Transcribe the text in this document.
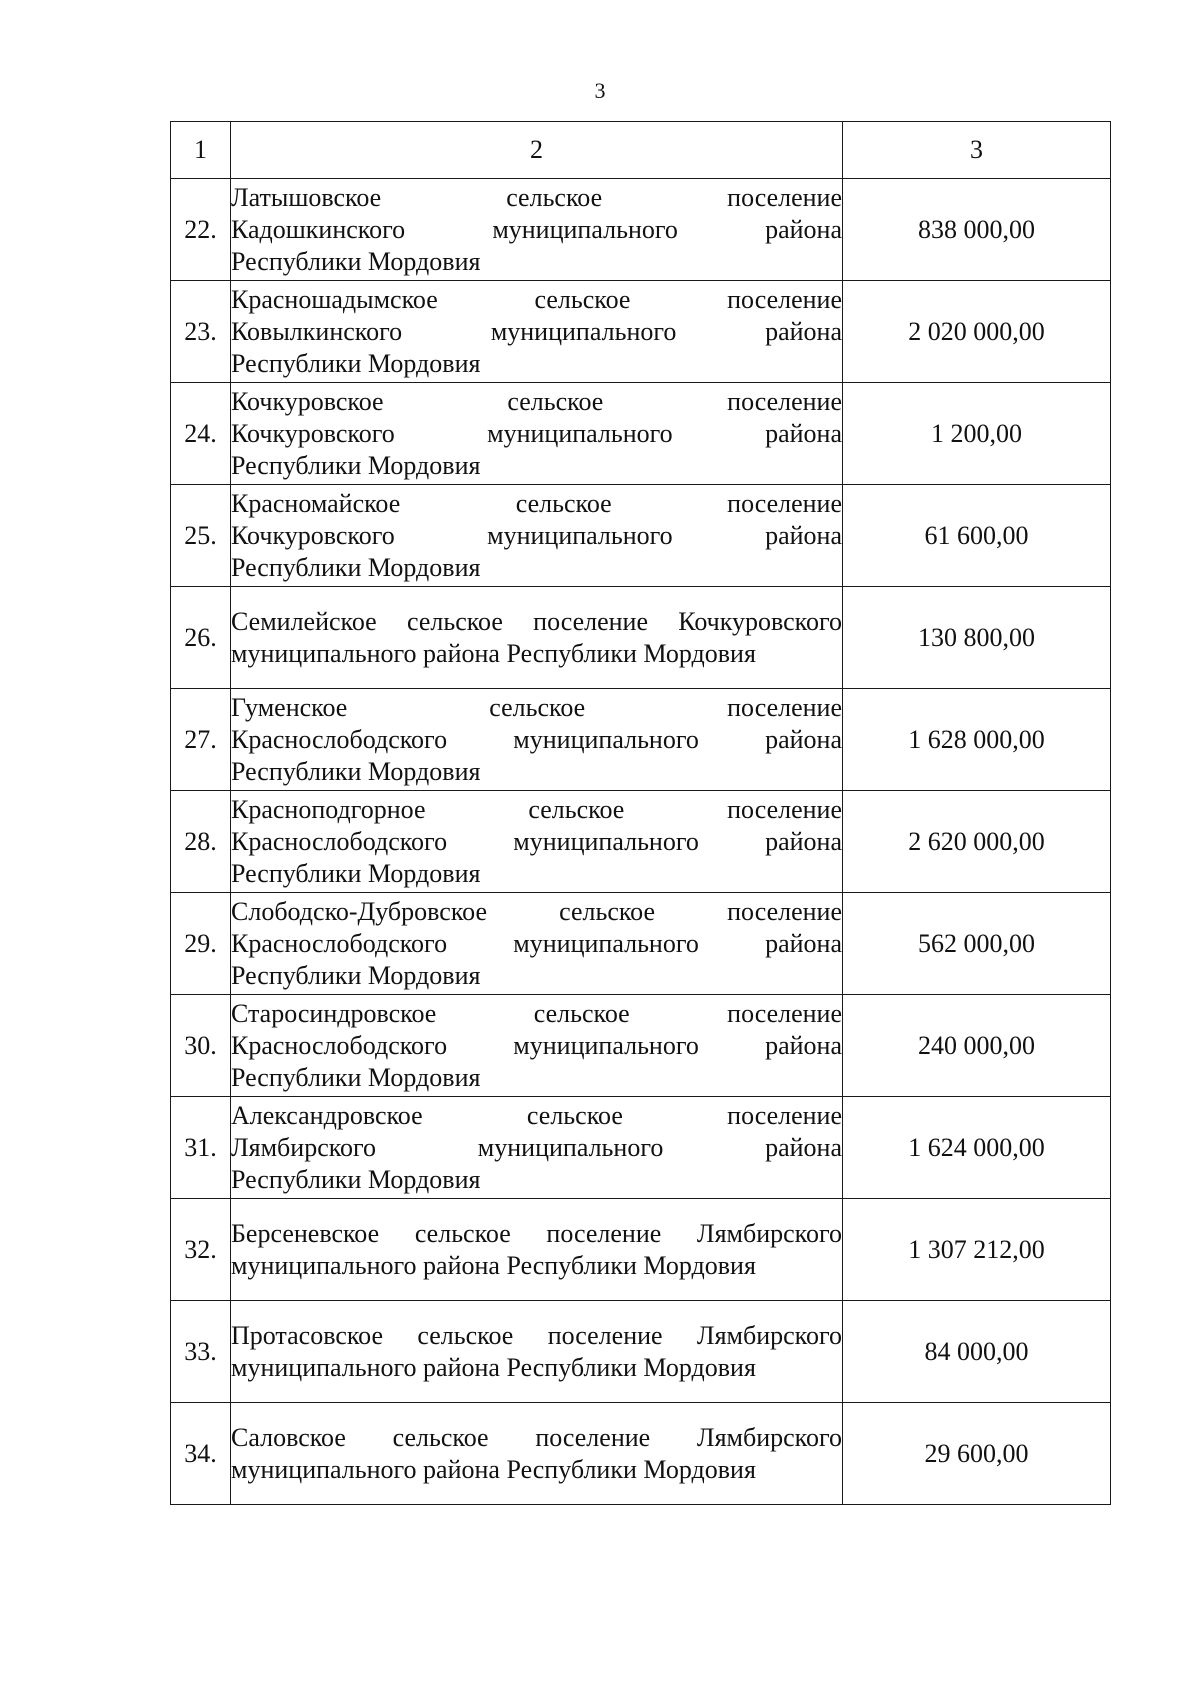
3
1	2	3
22.	Латышовское сельское поселение
Кадошкинского муниципального района
Республики Мордовия	838 000,00
23.	Красношадымское сельское поселение
Ковылкинского муниципального района
Республики Мордовия	2 020 000,00
24.	Кочкуровское сельское поселение
Кочкуровского муниципального района
Республики Мордовия	1 200,00
25.	Красномайское сельское поселение
Кочкуровского муниципального района
Республики Мордовия	61 600,00
26.	Семилейское сельское поселение Кочкуровского
муниципального района Республики Мордовия	130 800,00
27.	Гуменское сельское поселение
Краснослободского муниципального района
Республики Мордовия	1 628 000,00
28.	Красноподгорное сельское поселение
Краснослободского муниципального района
Республики Мордовия	2 620 000,00
29.	Слободско-Дубровское сельское поселение
Краснослободского муниципального района
Республики Мордовия	562 000,00
30.	Старосиндровское сельское поселение
Краснослободского муниципального района
Республики Мордовия	240 000,00
31.	Александровское сельское поселение
Лямбирского муниципального района
Республики Мордовия	1 624 000,00
32.	Берсеневское сельское поселение Лямбирского
муниципального района Республики Мордовия	1 307 212,00
33.	Протасовское сельское поселение Лямбирского
муниципального района Республики Мордовия	84 000,00
34.	Саловское сельское поселение Лямбирского
муниципального района Республики Мордовия	29 600,00
